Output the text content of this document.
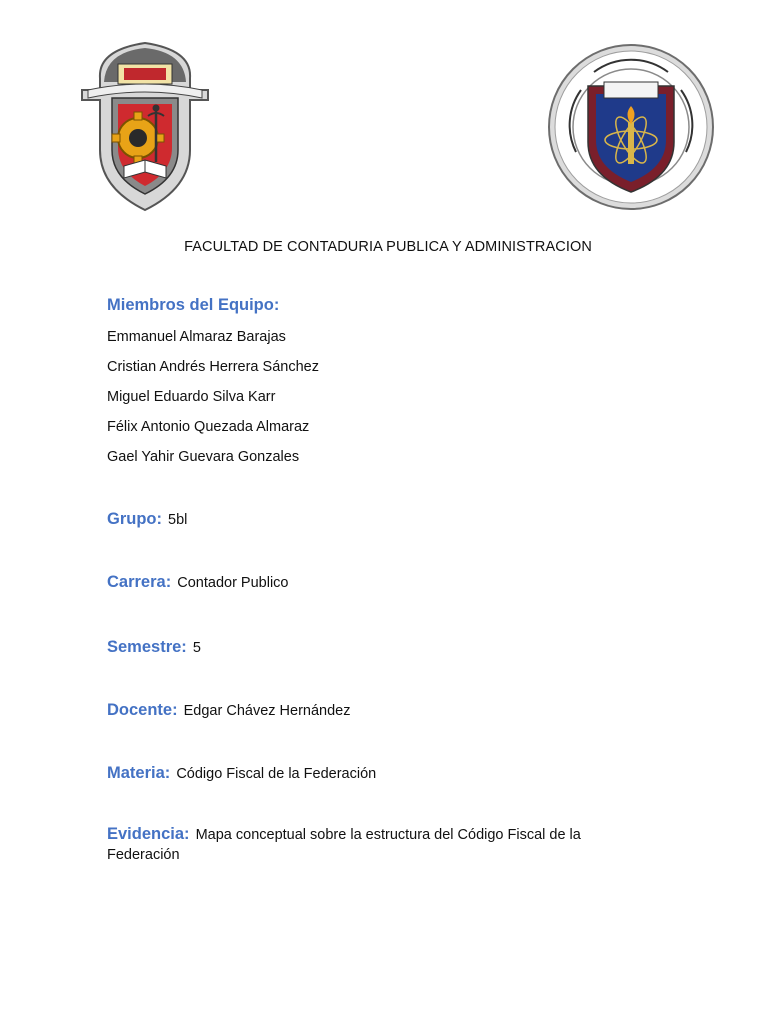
FACULTAD DE CONTADURIA PUBLICA Y ADMINISTRACION
Miembros del Equipo:
Emmanuel Almaraz Barajas
Cristian Andrés Herrera Sánchez
Miguel Eduardo Silva Karr
Félix Antonio Quezada Almaraz
Gael Yahir Guevara Gonzales
Grupo: 5bl
Carrera: Contador Publico
Semestre: 5
Docente: Edgar Chávez Hernández
Materia: Código Fiscal de la Federación
Evidencia: Mapa conceptual sobre la estructura del Código Fiscal de la Federación
